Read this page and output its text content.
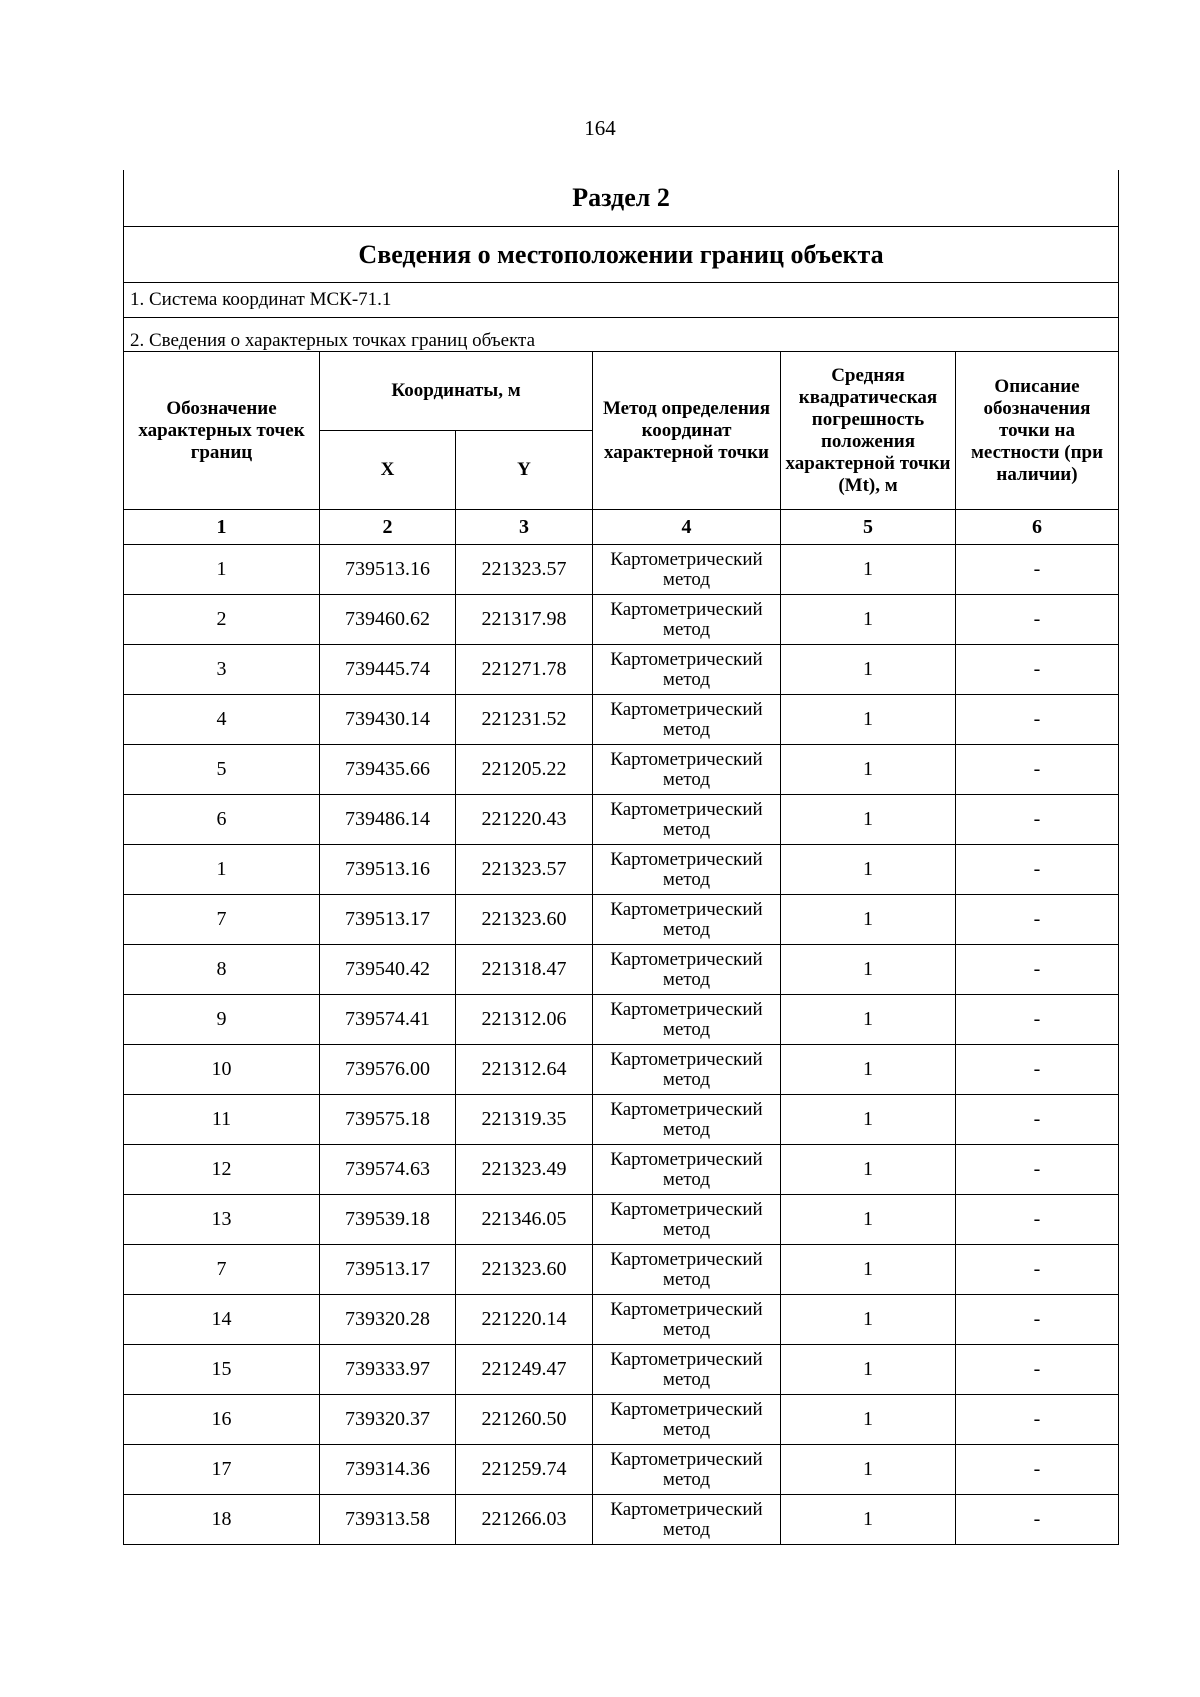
164
Раздел 2					
Сведения о местоположении границ объекта					
1. Система координат МСК-71.1					
2. Сведения о характерных точках границ объекта					
Обозначение характерных точек границ	Координаты, м		Метод определения координат характерной точки	Средняя квадратическая погрешность положения характерной точки (Mt), м	Описание обозначения точки на местности (при наличии)
	X	Y			
1	2	3	4	5	6
1	739513.16	221323.57	Картометрический метод	1	-
2	739460.62	221317.98	Картометрический метод	1	-
3	739445.74	221271.78	Картометрический метод	1	-
4	739430.14	221231.52	Картометрический метод	1	-
5	739435.66	221205.22	Картометрический метод	1	-
6	739486.14	221220.43	Картометрический метод	1	-
1	739513.16	221323.57	Картометрический метод	1	-
7	739513.17	221323.60	Картометрический метод	1	-
8	739540.42	221318.47	Картометрический метод	1	-
9	739574.41	221312.06	Картометрический метод	1	-
10	739576.00	221312.64	Картометрический метод	1	-
11	739575.18	221319.35	Картометрический метод	1	-
12	739574.63	221323.49	Картометрический метод	1	-
13	739539.18	221346.05	Картометрический метод	1	-
7	739513.17	221323.60	Картометрический метод	1	-
14	739320.28	221220.14	Картометрический метод	1	-
15	739333.97	221249.47	Картометрический метод	1	-
16	739320.37	221260.50	Картометрический метод	1	-
17	739314.36	221259.74	Картометрический метод	1	-
18	739313.58	221266.03	Картометрический метод	1	-
